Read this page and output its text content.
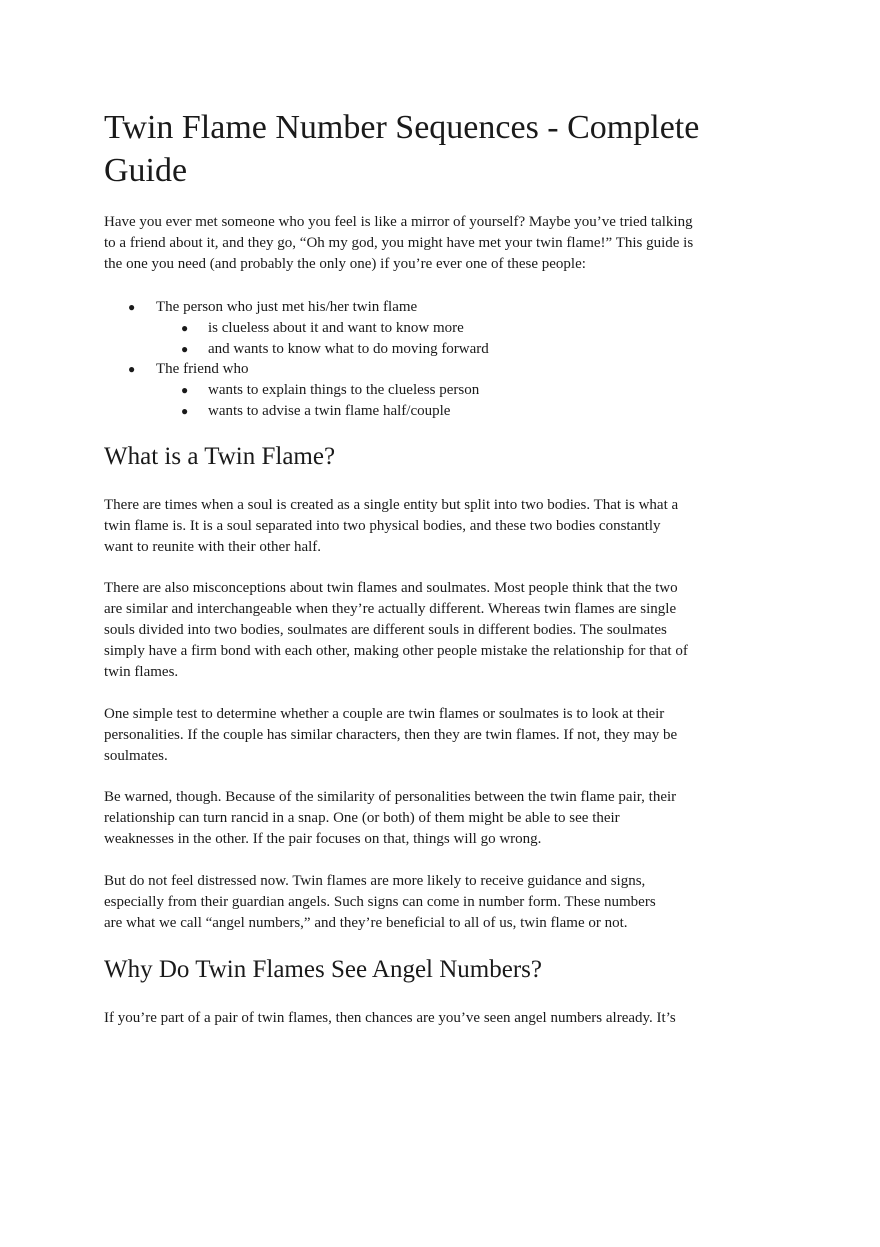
Twin Flame Number Sequences - Complete Guide

Have you ever met someone who you feel is like a mirror of yourself? Maybe you’ve tried talking
to a friend about it, and they go, “Oh my god, you might have met your twin flame!” This guide is
the one you need (and probably the only one) if you’re ever one of these people:

● The person who just met his/her twin flame
● is clueless about it and want to know more
● and wants to know what to do moving forward
● The friend who
● wants to explain things to the clueless person
● wants to advise a twin flame half/couple
What is a Twin Flame?

There are times when a soul is created as a single entity but split into two bodies. That is what a
twin flame is. It is a soul separated into two physical bodies, and these two bodies constantly
want to reunite with their other half.

There are also misconceptions about twin flames and soulmates. Most people think that the two
are similar and interchangeable when they’re actually different. Whereas twin flames are single
souls divided into two bodies, soulmates are different souls in different bodies. The soulmates
simply have a firm bond with each other, making other people mistake the relationship for that of
twin flames.

One simple test to determine whether a couple are twin flames or soulmates is to look at their
personalities. If the couple has similar characters, then they are twin flames. If not, they may be
soulmates.

Be warned, though. Because of the similarity of personalities between the twin flame pair, their
relationship can turn rancid in a snap. One (or both) of them might be able to see their
weaknesses in the other. If the pair focuses on that, things will go wrong.

But do not feel distressed now. Twin flames are more likely to receive guidance and signs,
especially from their guardian angels. Such signs can come in number form. These numbers
are what we call “angel numbers,” and they’re beneficial to all of us, twin flame or not.

Why Do Twin Flames See Angel Numbers?

If you’re part of a pair of twin flames, then chances are you’ve seen angel numbers already. It’s
